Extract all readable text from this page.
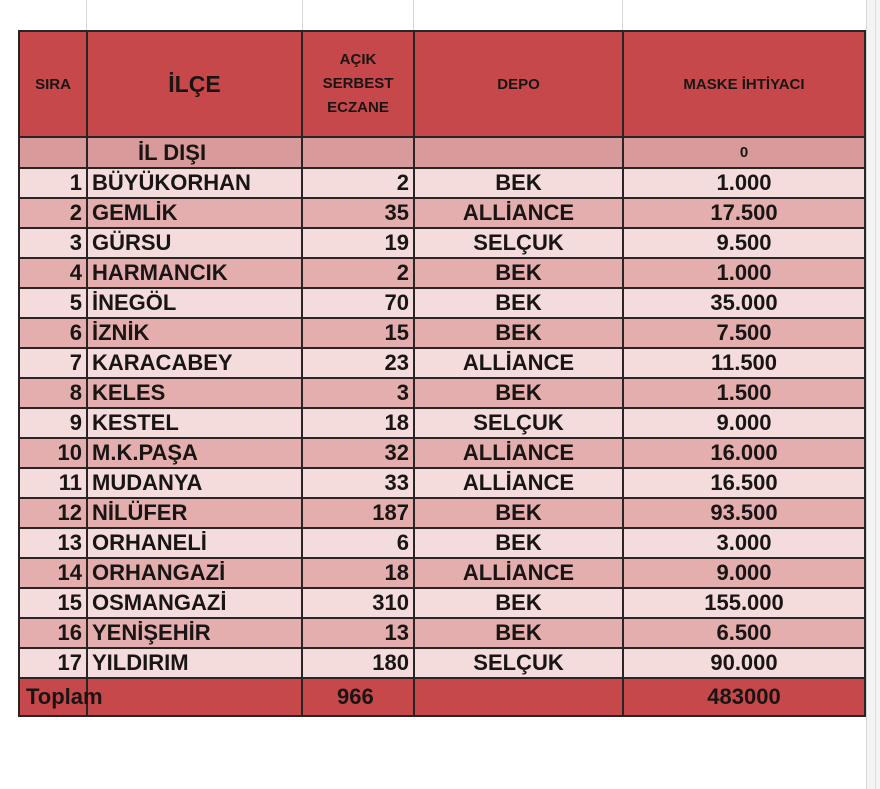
SIRA	İLÇE	AÇIK
SERBEST
ECZANE	DEPO	MASKE İHTİYACI
	İL DIŞI			0
1	BÜYÜKORHAN	2	BEK	1.000
2	GEMLİK	35	ALLİANCE	17.500
3	GÜRSU	19	SELÇUK	9.500
4	HARMANCIK	2	BEK	1.000
5	İNEGÖL	70	BEK	35.000
6	İZNİK	15	BEK	7.500
7	KARACABEY	23	ALLİANCE	11.500
8	KELES	3	BEK	1.500
9	KESTEL	18	SELÇUK	9.000
10	M.K.PAŞA	32	ALLİANCE	16.000
11	MUDANYA	33	ALLİANCE	16.500
12	NİLÜFER	187	BEK	93.500
13	ORHANELİ	6	BEK	3.000
14	ORHANGAZİ	18	ALLİANCE	9.000
15	OSMANGAZİ	310	BEK	155.000
16	YENİŞEHİR	13	BEK	6.500
17	YILDIRIM	180	SELÇUK	90.000

Toplam		966		483000
